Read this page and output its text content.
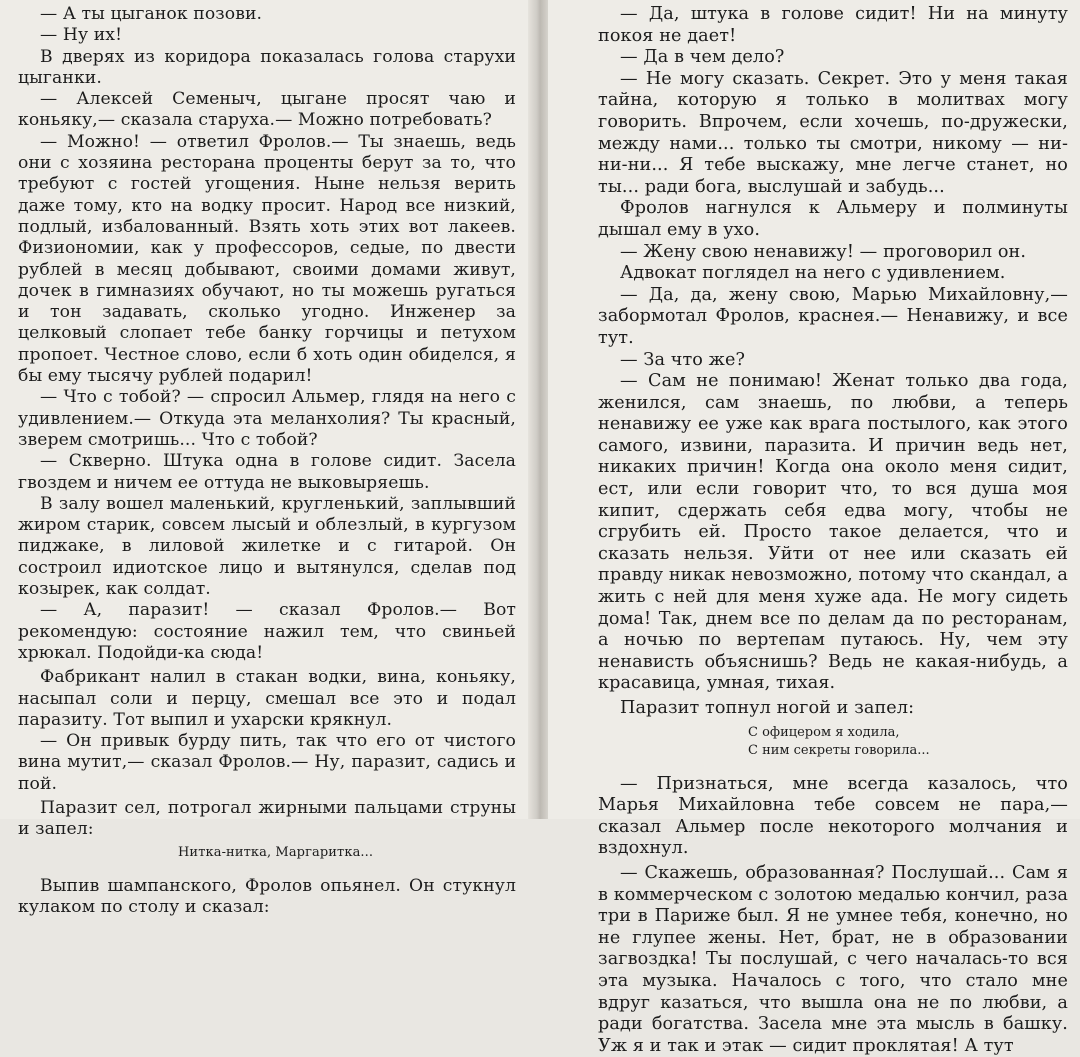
— А ты цыганок позови.

— Ну их!

В дверях из коридора показалась голова старухи цыганки.

— Алексей Семеныч, цыгане просят чаю и коньяку,— сказала старуха.— Можно потребовать?

— Можно! — ответил Фролов.— Ты знаешь, ведь они с хозяина ресторана проценты берут за то, что требуют с гостей угощения. Ныне нельзя верить даже тому, кто на водку просит. Народ все низкий, подлый, избалованный. Взять хоть этих вот лакеев. Физиономии, как у профессоров, седые, по двести рублей в месяц добывают, своими домами живут, дочек в гимназиях обучают, но ты можешь ругаться и тон задавать, сколько угодно. Инженер за целковый слопает тебе банку горчицы и петухом пропоет. Честное слово, если б хоть один обиделся, я бы ему тысячу рублей подарил!

— Что с тобой? — спросил Альмер, глядя на него с удивлением.— Откуда эта меланхолия? Ты красный, зверем смотришь... Что с тобой?

— Скверно. Штука одна в голове сидит. Засела гвоздем и ничем ее оттуда не выковыряешь.

В залу вошел маленький, кругленький, заплывший жиром старик, совсем лысый и облезлый, в кургузом пиджаке, в лиловой жилетке и с гитарой. Он состроил идиотское лицо и вытянулся, сделав под козырек, как солдат.

— А, паразит! — сказал Фролов.— Вот рекомендую: состояние нажил тем, что свиньей хрюкал. Подойди-ка сюда!

Фабрикант налил в стакан водки, вина, коньяку, насыпал соли и перцу, смешал все это и подал паразиту. Тот выпил и ухарски крякнул.

— Он привык бурду пить, так что его от чистого вина мутит,— сказал Фролов.— Ну, паразит, садись и пой.

Паразит сел, потрогал жирными пальцами струны и запел:

Нитка-нитка, Маргаритка...

Выпив шампанского, Фролов опьянел. Он стукнул кулаком по столу и сказал:

— Да, штука в голове сидит! Ни на минуту покоя не дает!

— Да в чем дело?

— Не могу сказать. Секрет. Это у меня такая тайна, которую я только в молитвах могу говорить. Впрочем, если хочешь, по-дружески, между нами... только ты смотри, никому — ни-ни-ни... Я тебе выскажу, мне легче станет, но ты... ради бога, выслушай и забудь...

Фролов нагнулся к Альмеру и полминуты дышал ему в ухо.

— Жену свою ненавижу! — проговорил он.

Адвокат поглядел на него с удивлением.

— Да, да, жену свою, Марью Михайловну,— забормотал Фролов, краснея.— Ненавижу, и все тут.

— За что же?

— Сам не понимаю! Женат только два года, женился, сам знаешь, по любви, а теперь ненавижу ее уже как врага постылого, как этого самого, извини, паразита. И причин ведь нет, никаких причин! Когда она около меня сидит, ест, или если говорит что, то вся душа моя кипит, сдержать себя едва могу, чтобы не сгрубить ей. Просто такое делается, что и сказать нельзя. Уйти от нее или сказать ей правду никак невозможно, потому что скандал, а жить с ней для меня хуже ада. Не могу сидеть дома! Так, днем все по делам да по ресторанам, а ночью по вертепам путаюсь. Ну, чем эту ненависть объяснишь? Ведь не какая-нибудь, а красавица, умная, тихая.

Паразит топнул ногой и запел:

С офицером я ходила,
С ним секреты говорила...

— Признаться, мне всегда казалось, что Марья Михайловна тебе совсем не пара,— сказал Альмер после некоторого молчания и вздохнул.

— Скажешь, образованная? Послушай... Сам я в коммерческом с золотою медалью кончил, раза три в Париже был. Я не умнее тебя, конечно, но не глупее жены. Нет, брат, не в образовании загвоздка! Ты послушай, с чего началась-то вся эта музыка. Началось с того, что стало мне вдруг казаться, что вышла она не по любви, а ради богатства. Засела мне эта мысль в башку. Уж я и так и этак — сидит проклятая! А тут
